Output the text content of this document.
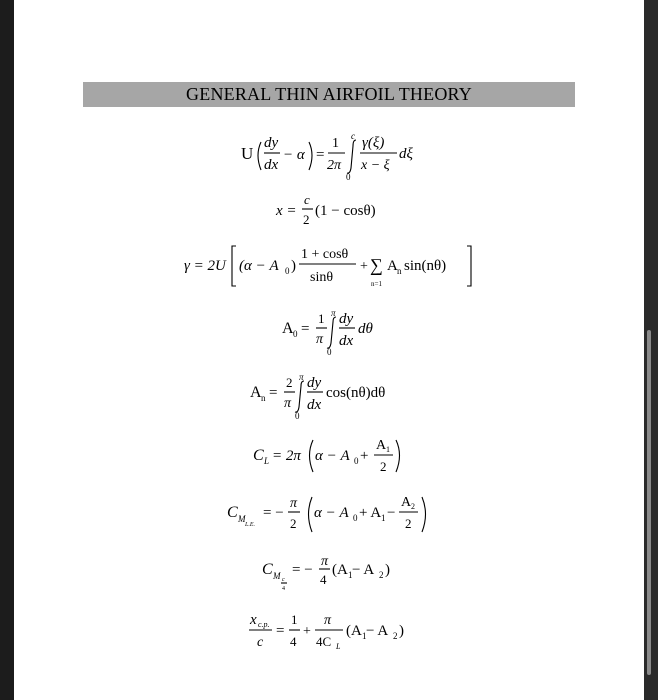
GENERAL THIN AIRFOIL THEORY
U
dy
dx
− α =
1
2π
c
0
γ(ξ)
x − ξ
dξ
x =
c
2
(1 − cosθ)
γ = 2U (α − A 0 )
1 + cosθ
sinθ
+ ∑
n=1
A n sin(nθ)
A 0 =
1
π
π
0
dy
dx
dθ
A n =
2
π
π
0
dy
dx
cos(nθ)dθ
C L = 2π α − A 0 +
A 1
2
C M
L.E.
= −
π
2
α − A 0 + A 1 −
A 2
2
C M c
4
= −
π
4
(A 1 − A 2 )
x c.p.
c
=
1
4
+
π
4C L
(A 1 − A 2 )
